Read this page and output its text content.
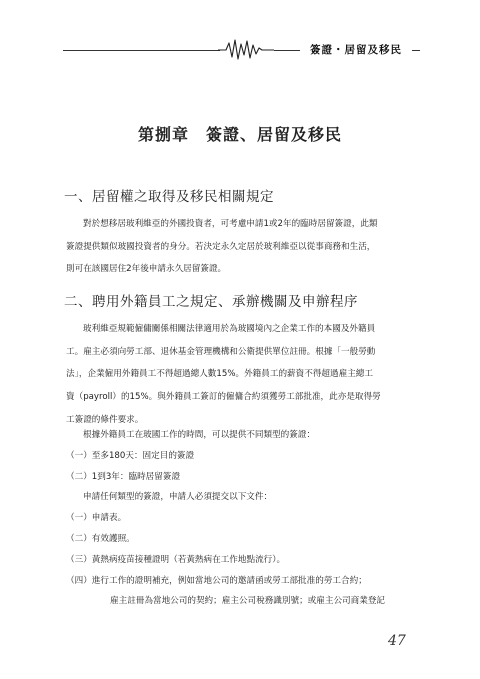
簽證・居留及移民
第捌章　簽證、居留及移民
一、居留權之取得及移民相關規定
對於想移居玻利維亞的外國投資者，可考慮申請1或2年的臨時居留簽證，此類
簽證提供類似玻國投資者的身分。若決定永久定居於玻利維亞以從事商務和生活，
則可在該國居住2年後申請永久居留簽證。
二、聘用外籍員工之規定、承辦機關及申辦程序
玻利維亞規範僱傭關係相關法律適用於為玻國境內之企業工作的本國及外籍員
工。雇主必須向勞工部、退休基金管理機構和公衛提供單位註冊。根據「一般勞動
法」，企業僱用外籍員工不得超過總人數15%。外籍員工的薪資不得超過雇主總工
資（payroll）的15%。與外籍員工簽訂的僱傭合約須獲勞工部批准，此亦是取得勞
工簽證的條件要求。
根據外籍員工在玻國工作的時間，可以提供不同類型的簽證：
（一）至多180天：固定目的簽證
（二）1到3年：臨時居留簽證
申請任何類型的簽證，申請人必須提交以下文件：
（一）申請表。
（二）有效護照。
（三）黃熱病疫苗接種證明（若黃熱病在工作地點流行）。
（四）進行工作的證明補充，例如當地公司的邀請函或勞工部批准的勞工合約；
雇主註冊為當地公司的契約；雇主公司稅務識別號；或雇主公司商業登記
47
